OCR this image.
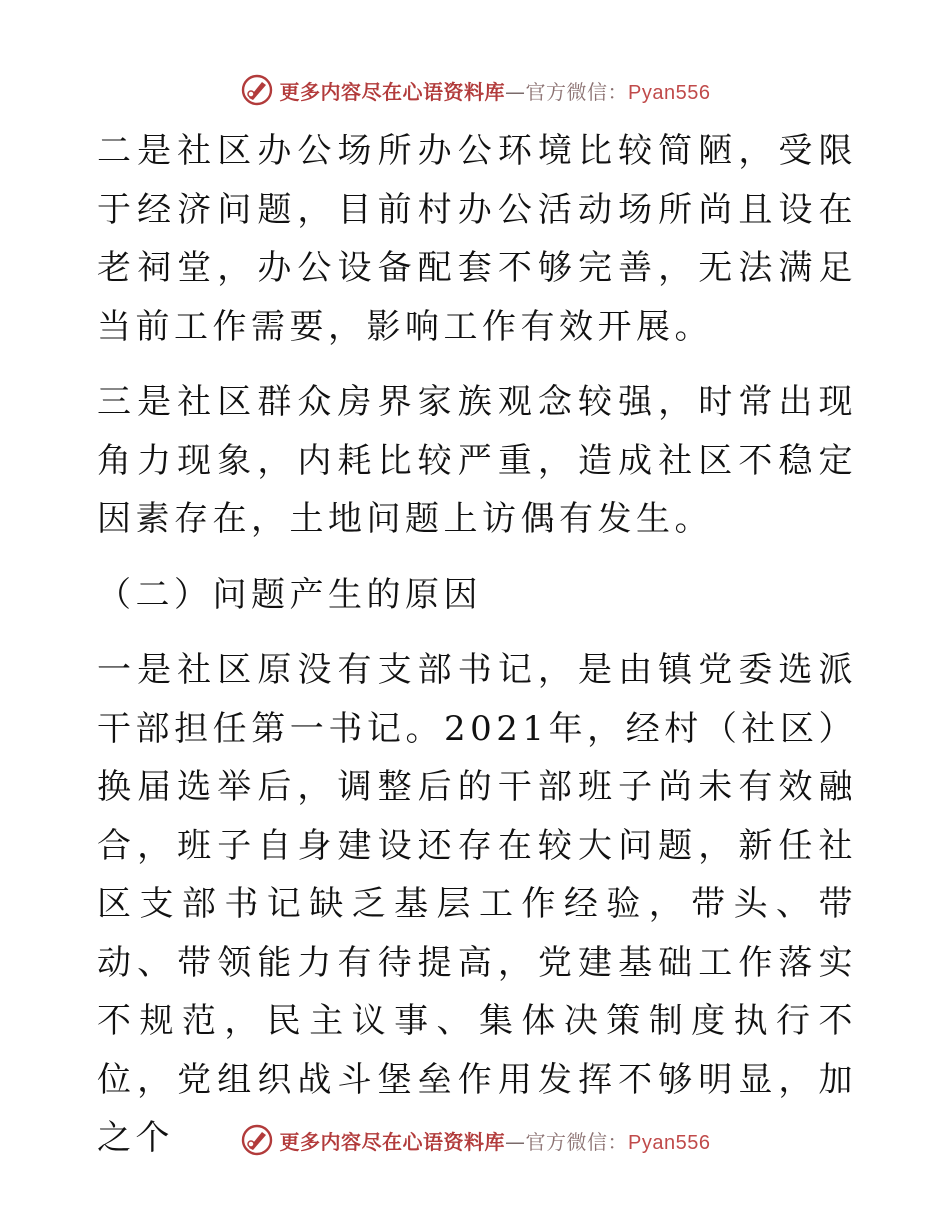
更多内容尽在心语资料库—官方微信：Pyan556

二是社区办公场所办公环境比较简陋，受限于经济问题，目前村办公活动场所尚且设在老祠堂，办公设备配套不够完善，无法满足当前工作需要，影响工作有效开展。

三是社区群众房界家族观念较强，时常出现角力现象，内耗比较严重，造成社区不稳定因素存在，土地问题上访偶有发生。

（二）问题产生的原因

一是社区原没有支部书记，是由镇党委选派干部担任第一书记。2021年，经村（社区）换届选举后，调整后的干部班子尚未有效融合，班子自身建设还存在较大问题，新任社区支部书记缺乏基层工作经验，带头、带动、带领能力有待提高，党建基础工作落实不规范，民主议事、集体决策制度执行不位，党组织战斗堡垒作用发挥不够明显，加之个	更多内容尽在心语资料库—官方微信：Pyan556
